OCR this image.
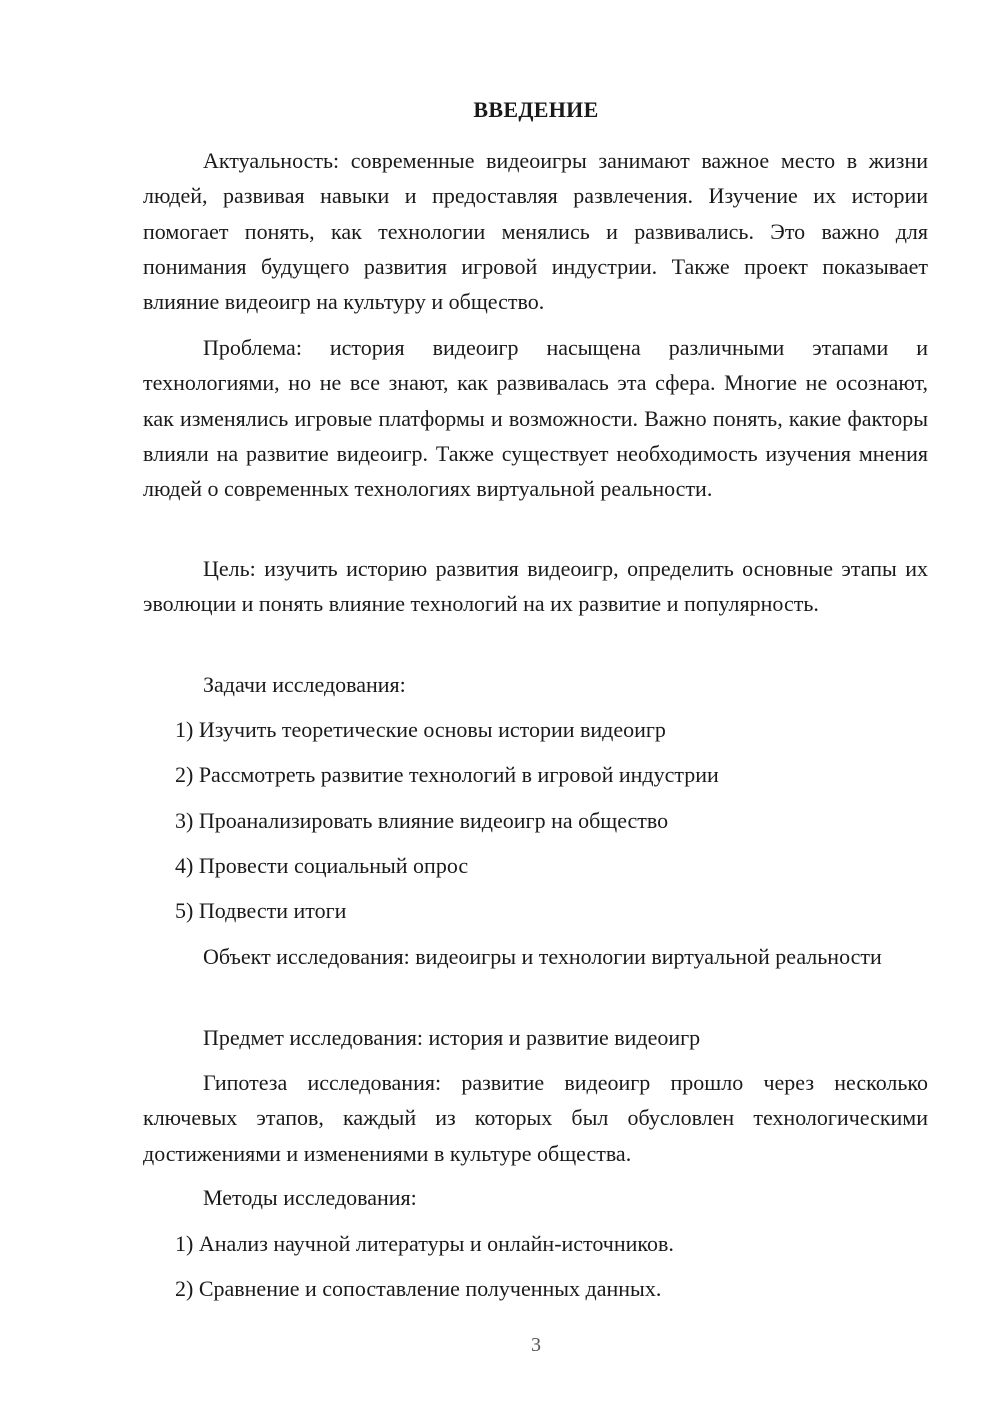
ВВЕДЕНИЕ

Актуальность: современные видеоигры занимают важное место в жизни людей, развивая навыки и предоставляя развлечения. Изучение их истории помогает понять, как технологии менялись и развивались. Это важно для понимания будущего развития игровой индустрии. Также проект показывает влияние видеоигр на культуру и общество.

Проблема: история видеоигр насыщена различными этапами и технологиями, но не все знают, как развивалась эта сфера. Многие не осознают, как изменялись игровые платформы и возможности. Важно понять, какие факторы влияли на развитие видеоигр. Также существует необходимость изучения мнения людей о современных технологиях виртуальной реальности.

Цель: изучить историю развития видеоигр, определить основные этапы их эволюции и понять влияние технологий на их развитие и популярность.

Задачи исследования:
1) Изучить теоретические основы истории видеоигр
2) Рассмотреть развитие технологий в игровой индустрии
3) Проанализировать влияние видеоигр на общество
4) Провести социальный опрос
5) Подвести итоги

Объект исследования: видеоигры и технологии виртуальной реальности

Предмет исследования: история и развитие видеоигр

Гипотеза исследования: развитие видеоигр прошло через несколько ключевых этапов, каждый из которых был обусловлен технологическими достижениями и изменениями в культуре общества.

Методы исследования:
1) Анализ научной литературы и онлайн-источников.
2) Сравнение и сопоставление полученных данных.
3
